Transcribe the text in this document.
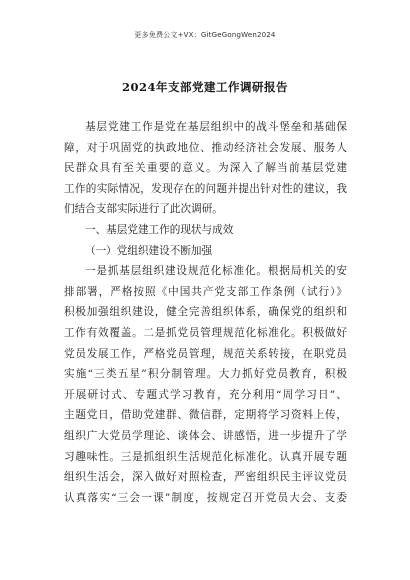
更多免费公文+VX：GitGeGongWen2024
2024年支部党建工作调研报告
基层党建工作是党在基层组织中的战斗堡垒和基础保
障，对于巩固党的执政地位、推动经济社会发展、服务人
民群众具有至关重要的意义。为深入了解当前基层党建
工作的实际情况，发现存在的问题并提出针对性的建议，我
们结合支部实际进行了此次调研。
一、基层党建工作的现状与成效
（一）党组织建设不断加强
一是抓基层组织建设规范化标准化。根据局机关的安
排部署，严格按照《中国共产党支部工作条例（试行）》
积极加强组织建设，健全完善组织体系，确保党的组织和
工作有效覆盖。二是抓党员管理规范化标准化。积极做好
党员发展工作，严格党员管理，规范关系转接，在职党员
实施“三类五星”积分制管理。大力抓好党员教育，积极
开展研讨式、专题式学习教育，充分利用“周学习日”、
主题党日，借助党建群、微信群，定期将学习资料上传，
组织广大党员学理论、谈体会、讲感悟，进一步提升了学
习趣味性。三是抓组织生活规范化标准化。认真开展专题
组织生活会，深入做好对照检查，严密组织民主评议党员
认真落实“三会一课”制度，按规定召开党员大会、支委
